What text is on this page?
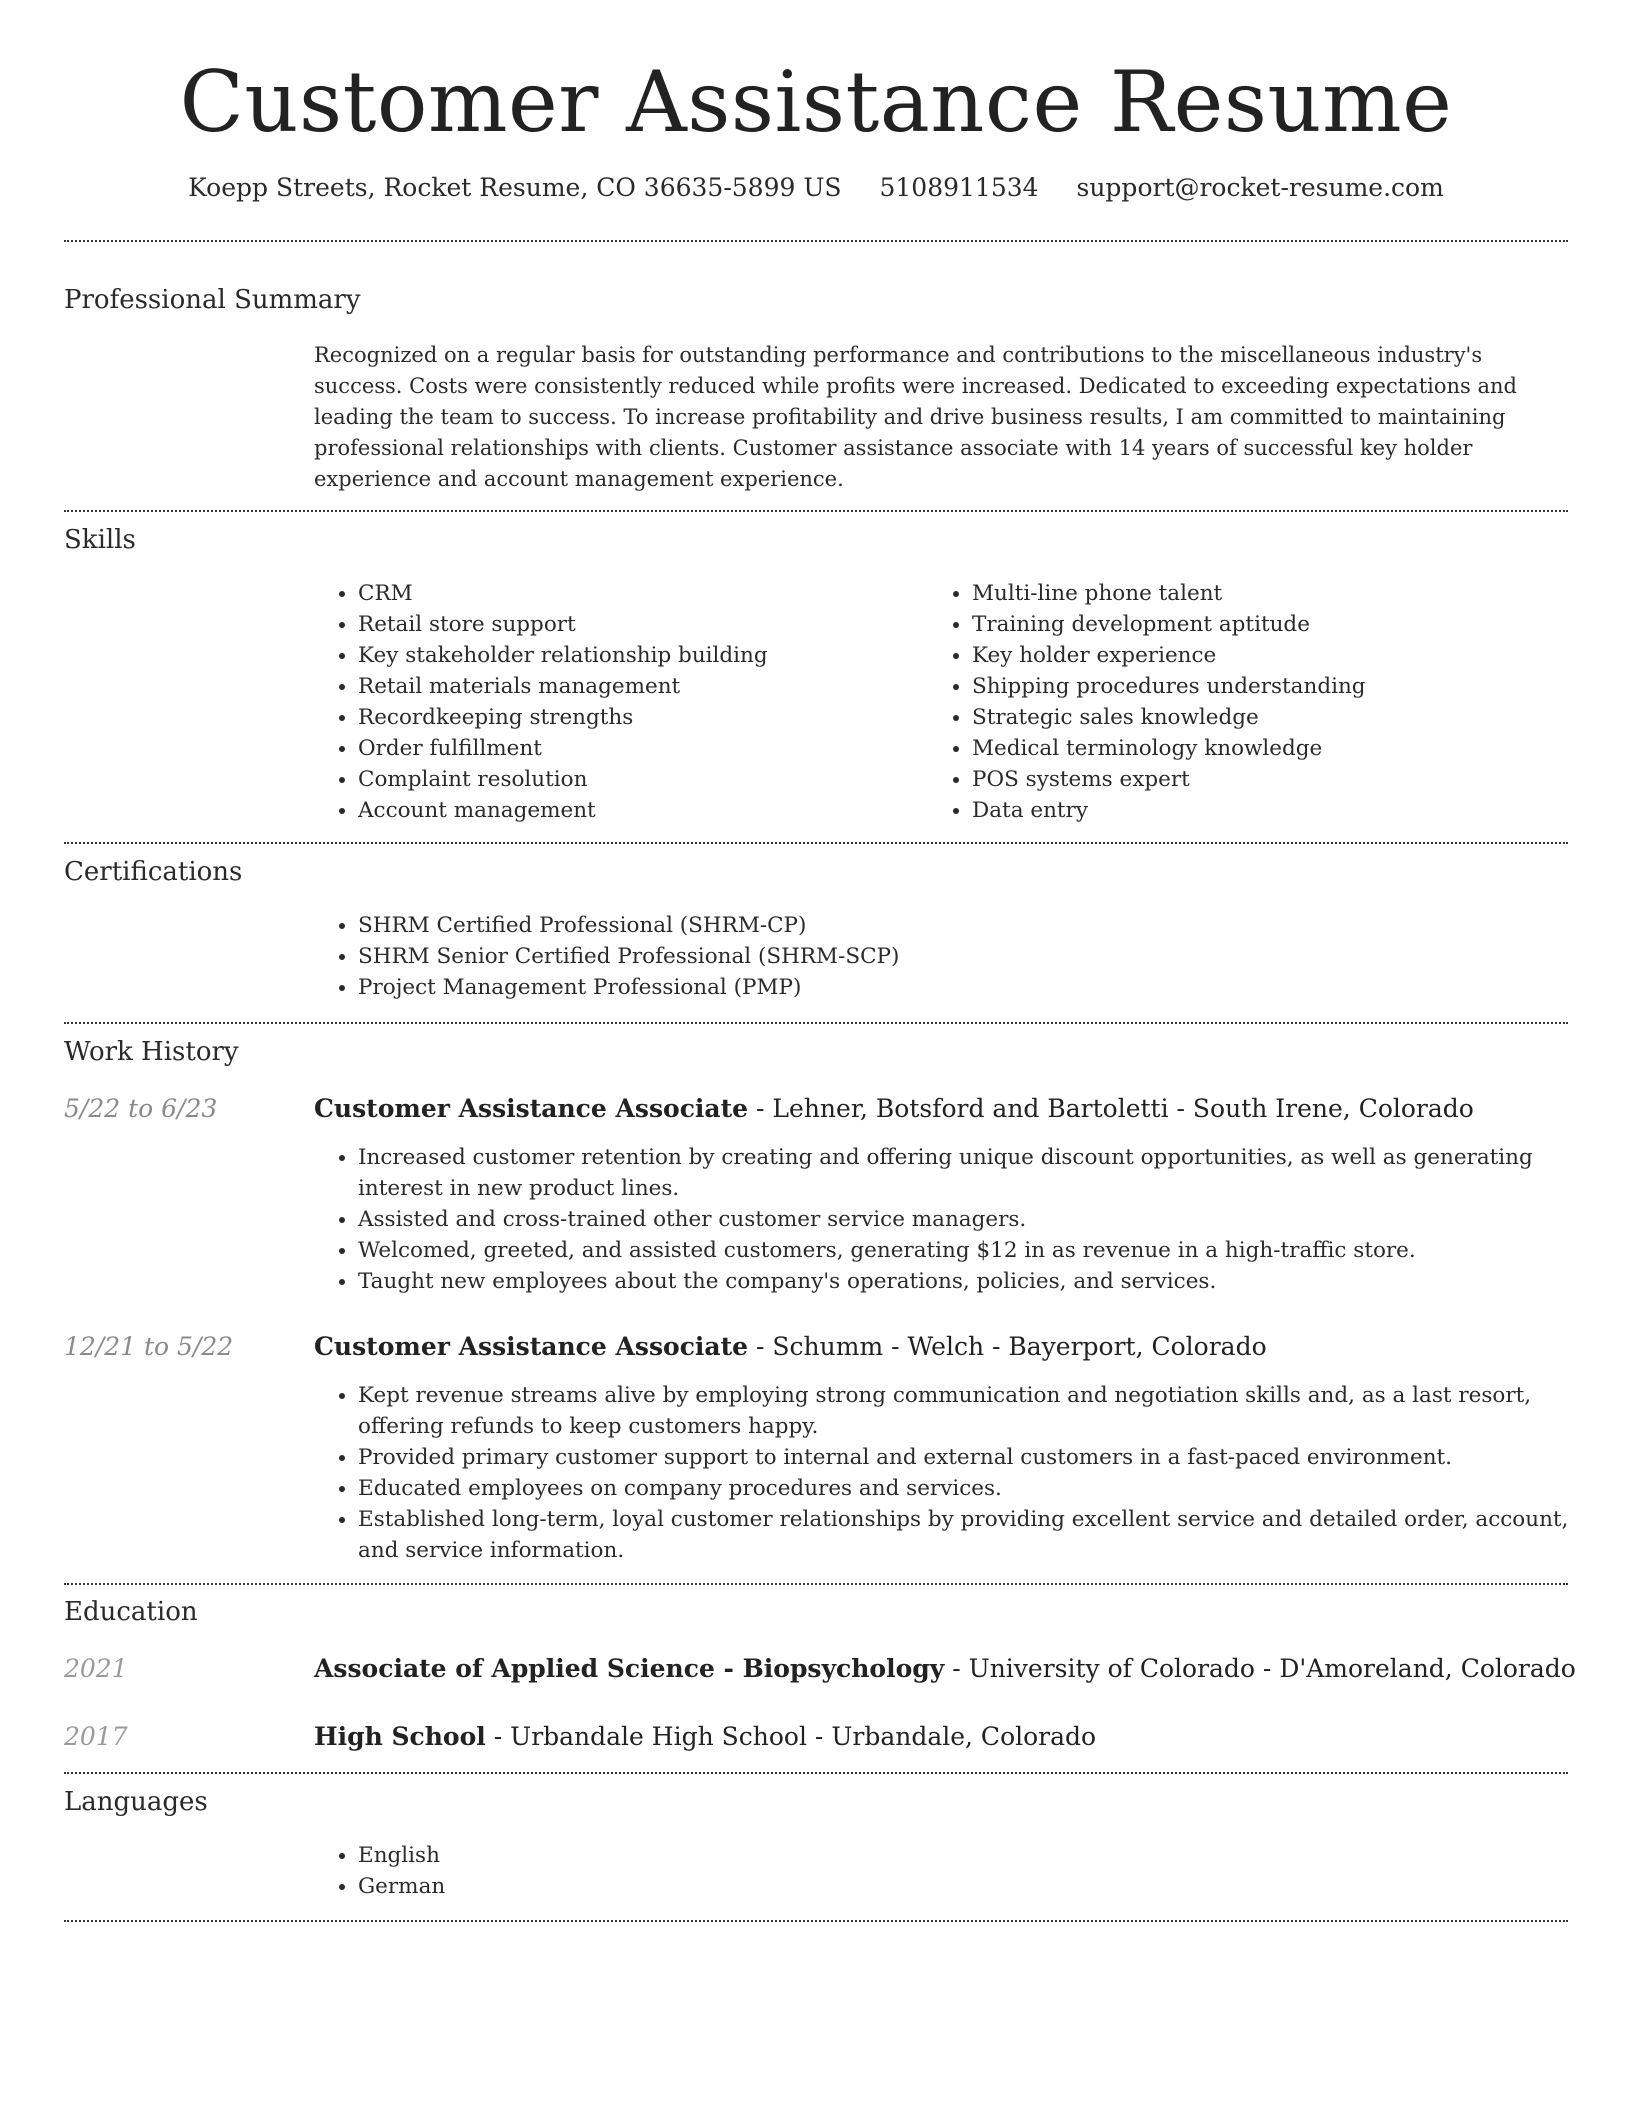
Customer Assistance Resume
Koepp Streets, Rocket Resume, CO 36635-5899 US 5108911534 support@rocket-resume.com
Professional Summary

Recognized on a regular basis for outstanding performance and contributions to the miscellaneous industry's success. Costs were consistently reduced while profits were increased. Dedicated to exceeding expectations and leading the team to success. To increase profitability and drive business results, I am committed to maintaining professional relationships with clients. Customer assistance associate with 14 years of successful key holder experience and account management experience.

Skills
• CRM
• Retail store support
• Key stakeholder relationship building
• Retail materials management
• Recordkeeping strengths
• Order fulfillment
• Complaint resolution
• Account management
• Multi-line phone talent
• Training development aptitude
• Key holder experience
• Shipping procedures understanding
• Strategic sales knowledge
• Medical terminology knowledge
• POS systems expert
• Data entry
Certifications
• SHRM Certified Professional (SHRM-CP)
• SHRM Senior Certified Professional (SHRM-SCP)
• Project Management Professional (PMP)
Work History
5/22 to 6/23	Customer Assistance Associate - Lehner, Botsford and Bartoletti - South Irene, Colorado
• Increased customer retention by creating and offering unique discount opportunities, as well as generating interest in new product lines.
• Assisted and cross-trained other customer service managers.
• Welcomed, greeted, and assisted customers, generating $12 in as revenue in a high-traffic store.
• Taught new employees about the company's operations, policies, and services.
12/21 to 5/22	Customer Assistance Associate - Schumm - Welch - Bayerport, Colorado
• Kept revenue streams alive by employing strong communication and negotiation skills and, as a last resort, offering refunds to keep customers happy.
• Provided primary customer support to internal and external customers in a fast-paced environment.
• Educated employees on company procedures and services.
• Established long-term, loyal customer relationships by providing excellent service and detailed order, account, and service information.
Education
2021	Associate of Applied Science - Biopsychology - University of Colorado - D'Amoreland, Colorado
2017	High School - Urbandale High School - Urbandale, Colorado
Languages
• English
• German
